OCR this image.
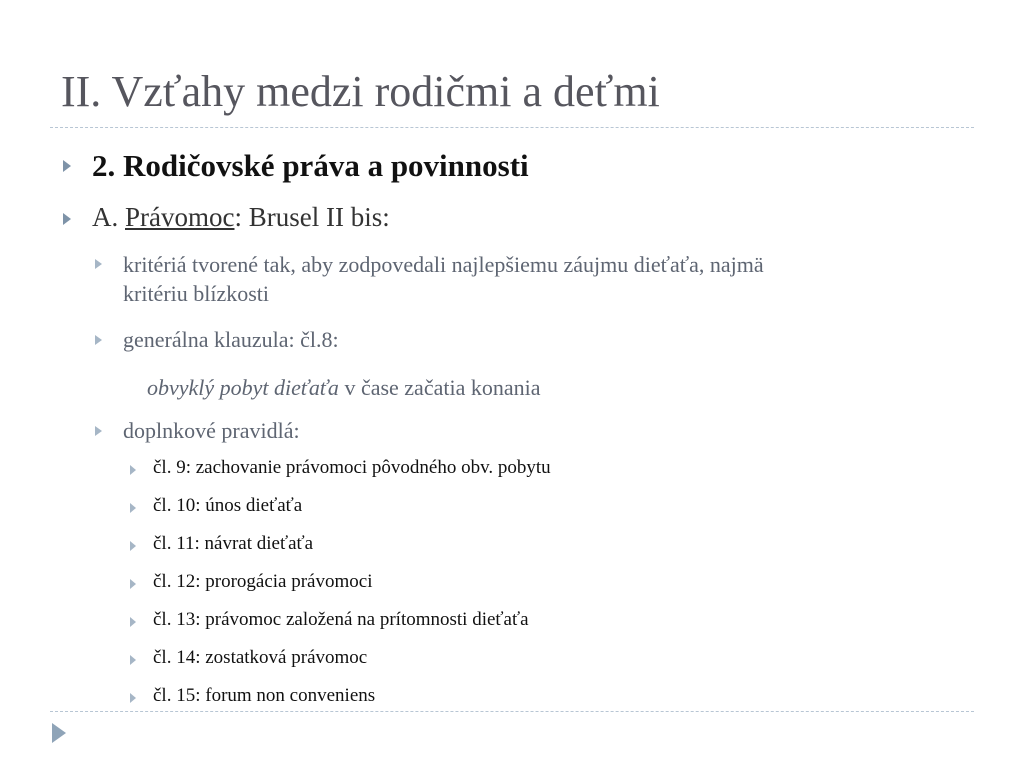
II. Vzťahy medzi rodičmi a deťmi
2. Rodičovské práva a povinnosti
A. Právomoc: Brusel II bis:
kritériá tvorené tak, aby zodpovedali najlepšiemu záujmu dieťaťa, najmä
kritériu blízkosti
generálna klauzula: čl.8:
obvyklý pobyt dieťaťa v čase začatia konania
doplnkové pravidlá:
čl. 9: zachovanie právomoci pôvodného obv. pobytu
čl. 10: únos dieťaťa
čl. 11: návrat dieťaťa
čl. 12: prorogácia právomoci
čl. 13: právomoc založená na prítomnosti dieťaťa
čl. 14: zostatková právomoc
čl. 15: forum non conveniens
